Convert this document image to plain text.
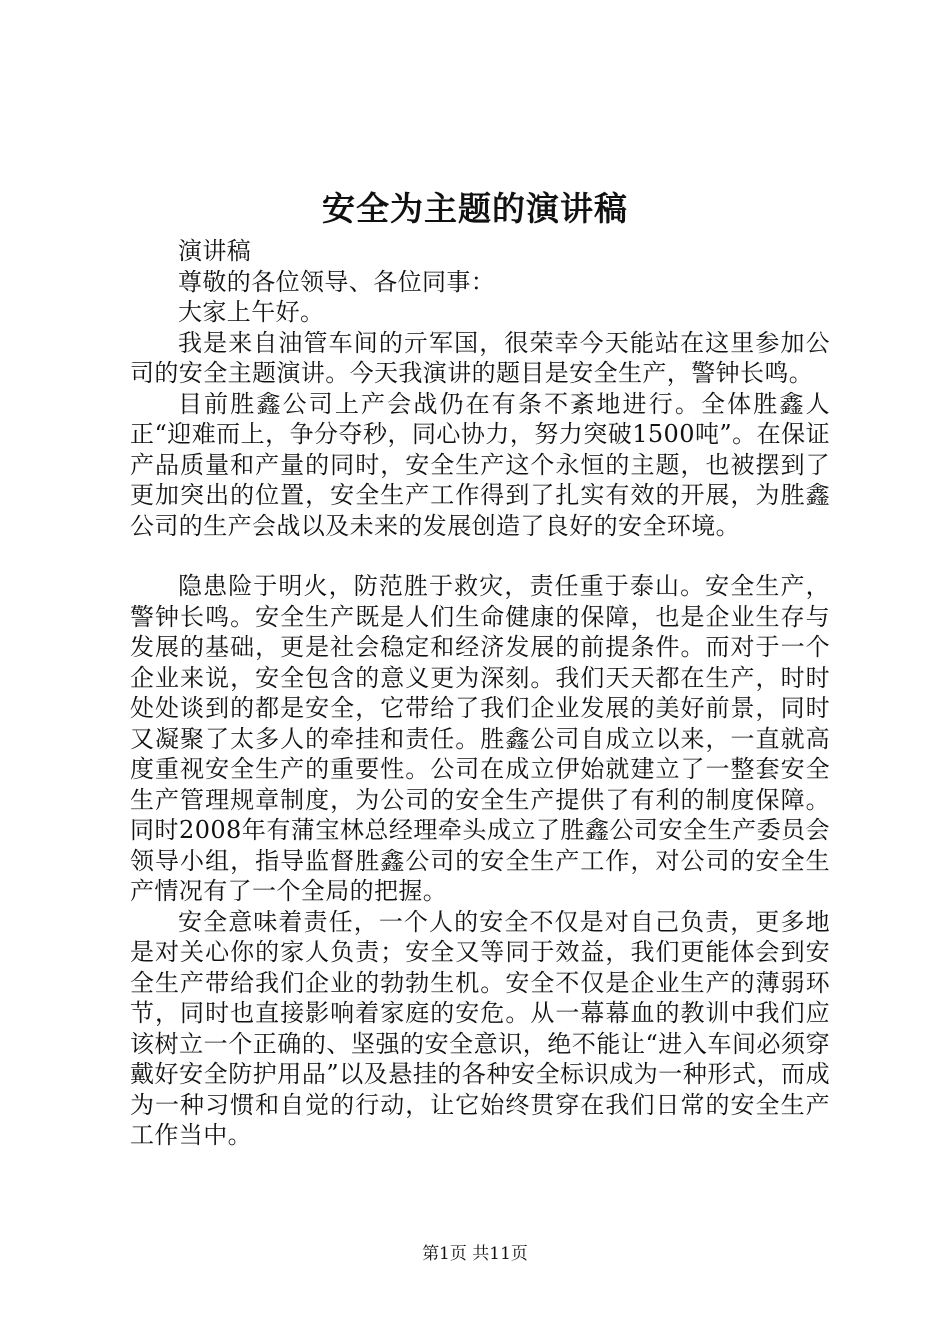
安全为主题的演讲稿

演讲稿

尊敬的各位领导、各位同事：

大家上午好。

我是来自油管车间的亓军国，很荣幸今天能站在这里参加公司的安全主题演讲。今天我演讲的题目是安全生产，警钟长鸣。

目前胜鑫公司上产会战仍在有条不紊地进行。全体胜鑫人正“迎难而上，争分夺秒，同心协力，努力突破1500吨”。在保证产品质量和产量的同时，安全生产这个永恒的主题，也被摆到了更加突出的位置，安全生产工作得到了扎实有效的开展，为胜鑫公司的生产会战以及未来的发展创造了良好的安全环境。

隐患险于明火，防范胜于救灾，责任重于泰山。安全生产，警钟长鸣。安全生产既是人们生命健康的保障，也是企业生存与发展的基础，更是社会稳定和经济发展的前提条件。而对于一个企业来说，安全包含的意义更为深刻。我们天天都在生产，时时处处谈到的都是安全，它带给了我们企业发展的美好前景，同时又凝聚了太多人的牵挂和责任。胜鑫公司自成立以来，一直就高度重视安全生产的重要性。公司在成立伊始就建立了一整套安全生产管理规章制度，为公司的安全生产提供了有利的制度保障。同时2008年有蒲宝林总经理牵头成立了胜鑫公司安全生产委员会领导小组，指导监督胜鑫公司的安全生产工作，对公司的安全生产情况有了一个全局的把握。

安全意味着责任，一个人的安全不仅是对自己负责，更多地是对关心你的家人负责；安全又等同于效益，我们更能体会到安全生产带给我们企业的勃勃生机。安全不仅是企业生产的薄弱环节，同时也直接影响着家庭的安危。从一幕幕血的教训中我们应该树立一个正确的、坚强的安全意识，绝不能让“进入车间必须穿戴好安全防护用品”以及悬挂的各种安全标识成为一种形式，而成为一种习惯和自觉的行动，让它始终贯穿在我们日常的安全生产工作当中。

第1页 共11页
